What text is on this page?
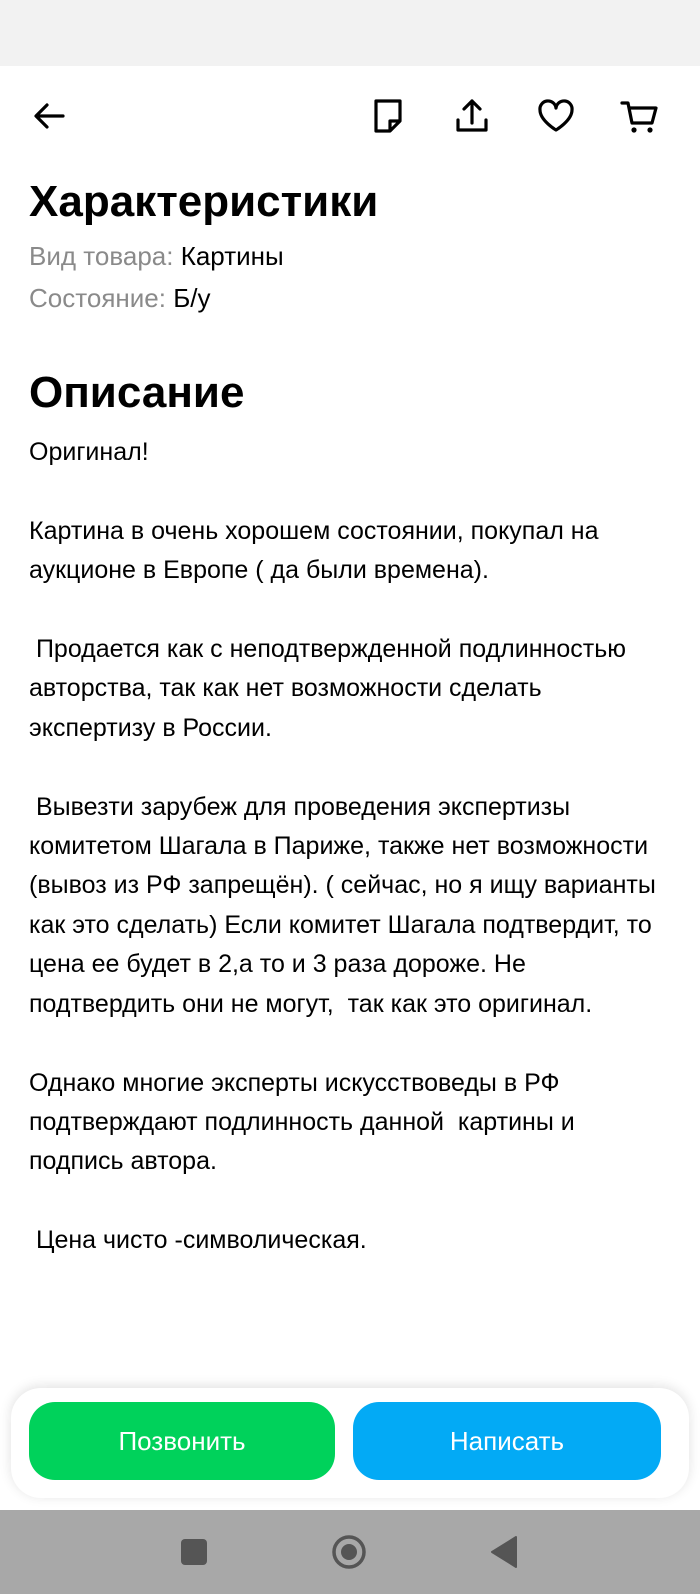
Характеристики
Вид товара: Картины
Состояние: Б/у
Описание
Оригинал!

Картина в очень хорошем состоянии, покупал на аукционе в Европе ( да были времена).

Продается как с неподтвержденной подлинностью авторства, так как нет возможности сделать экспертизу в России.

Вывезти зарубеж для проведения экспертизы комитетом Шагала в Париже, также нет возможности (вывоз из РФ запрещён). ( сейчас, но я ищу варианты как это сделать) Если комитет Шагала подтвердит, то цена ее будет в 2,а то и 3 раза дороже. Не подтвердить они не могут,  так как это оригинал.

Однако многие эксперты искусствоведы в РФ подтверждают подлинность данной  картины и подпись автора.

Цена чисто -символическая.
Позвонить	Написать
